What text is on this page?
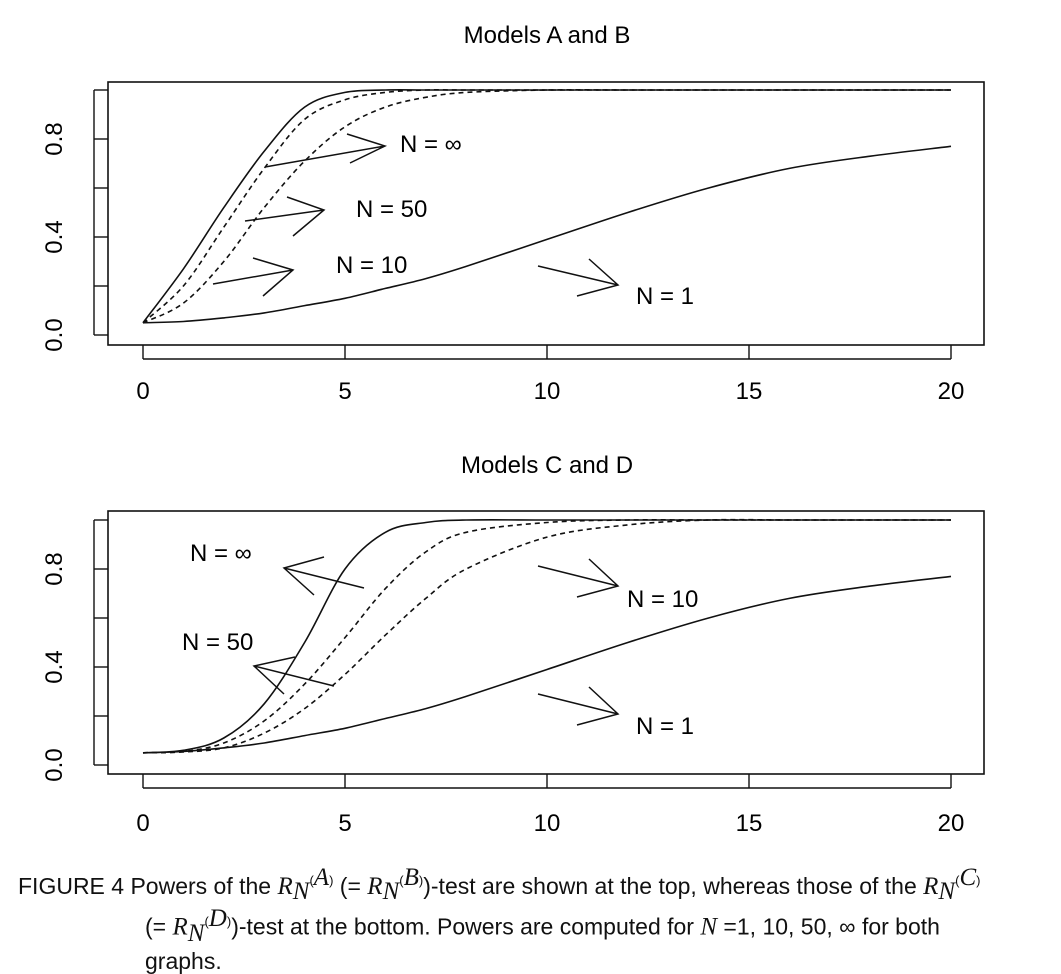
Models A and B
0.0
0.4
0.8
0	5	10	15	20
N = ∞
N = 50
N = 10
N = 1
Models C and D
0.0
0.4
0.8
0	5	10	15	20
N = ∞
N = 50
N = 10
N = 1
FIGURE 4 Powers of the $R_N^{(A)}$ (= $R_N^{(B)}$)-test are shown at the top, whereas those of the $R_N^{(C)}$
(= $R_N^{(D)}$)-test at the bottom. Powers are computed for N =1, 10, 50, ∞ for both
graphs.
